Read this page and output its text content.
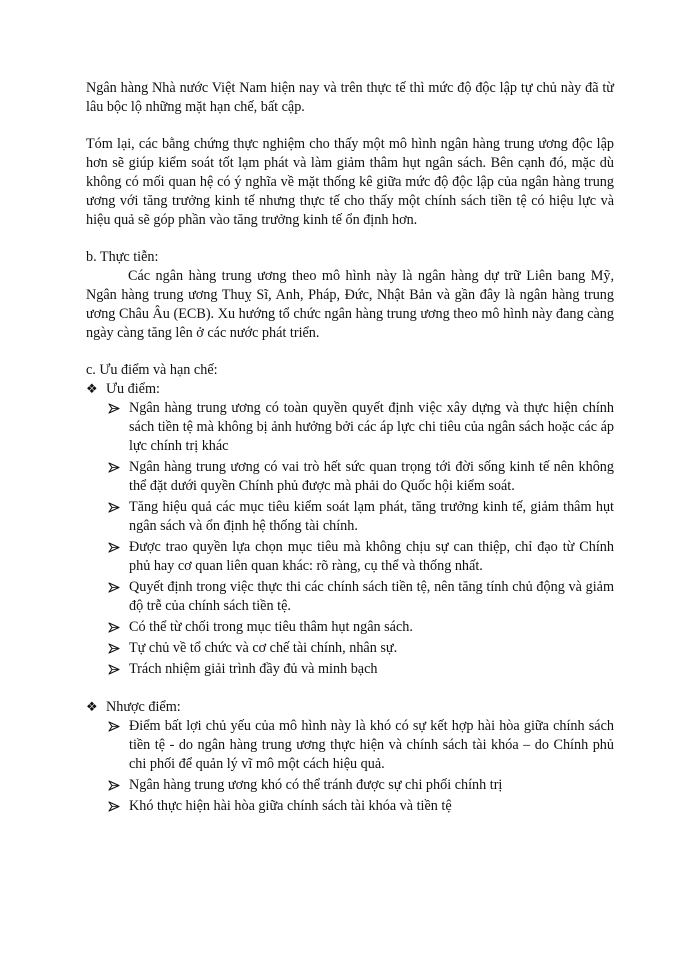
Ngân hàng Nhà nước Việt Nam hiện nay và trên thực tế thì mức độ độc lập tự chủ này đã từ lâu bộc lộ những mặt hạn chế, bất cập.

Tóm lại, các bằng chứng thực nghiệm cho thấy một mô hình ngân hàng trung ương độc lập hơn sẽ giúp kiểm soát tốt lạm phát và làm giảm thâm hụt ngân sách. Bên cạnh đó, mặc dù không có mối quan hệ có ý nghĩa về mặt thống kê giữa mức độ độc lập của ngân hàng trung ương với tăng trưởng kinh tế nhưng thực tế cho thấy một chính sách tiền tệ có hiệu lực và hiệu quả sẽ góp phần vào tăng trưởng kinh tế ổn định hơn.

b. Thực tiễn:

Các ngân hàng trung ương theo mô hình này là ngân hàng dự trữ Liên bang Mỹ, Ngân hàng trung ương Thuỵ Sĩ, Anh, Pháp, Đức, Nhật Bản và gần đây là ngân hàng trung ương Châu Âu (ECB). Xu hướng tổ chức ngân hàng trung ương theo mô hình này đang càng ngày càng tăng lên ở các nước phát triển.

c. Ưu điểm và hạn chế:

❖ Ưu điểm:

Ngân hàng trung ương có toàn quyền quyết định việc xây dựng và thực hiện chính sách tiền tệ mà không bị ảnh hưởng bởi các áp lực chi tiêu của ngân sách hoặc các áp lực chính trị khác
Ngân hàng trung ương có vai trò hết sức quan trọng tới đời sống kinh tế nên không thể đặt dưới quyền Chính phủ được mà phải do Quốc hội kiểm soát.
Tăng hiệu quả các mục tiêu kiểm soát lạm phát, tăng trưởng kinh tế, giảm thâm hụt ngân sách và ổn định hệ thống tài chính.
Được trao quyền lựa chọn mục tiêu mà không chịu sự can thiệp, chỉ đạo từ Chính phủ hay cơ quan liên quan khác: rõ ràng, cụ thể và thống nhất.
Quyết định trong việc thực thi các chính sách tiền tệ, nên tăng tính chủ động và giảm độ trễ của chính sách tiền tệ.
Có thể từ chối trong mục tiêu thâm hụt ngân sách.
Tự chủ về tổ chức và cơ chế tài chính, nhân sự.
Trách nhiệm giải trình đầy đủ và minh bạch

❖ Nhược điểm:

Điểm bất lợi chủ yếu của mô hình này là khó có sự kết hợp hài hòa giữa chính sách tiền tệ - do ngân hàng trung ương thực hiện và chính sách tài khóa – do Chính phủ chi phối để quản lý vĩ mô một cách hiệu quả.
Ngân hàng trung ương khó có thể tránh được sự chi phối chính trị
Khó thực hiện hài hòa giữa chính sách tài khóa và tiền tệ
